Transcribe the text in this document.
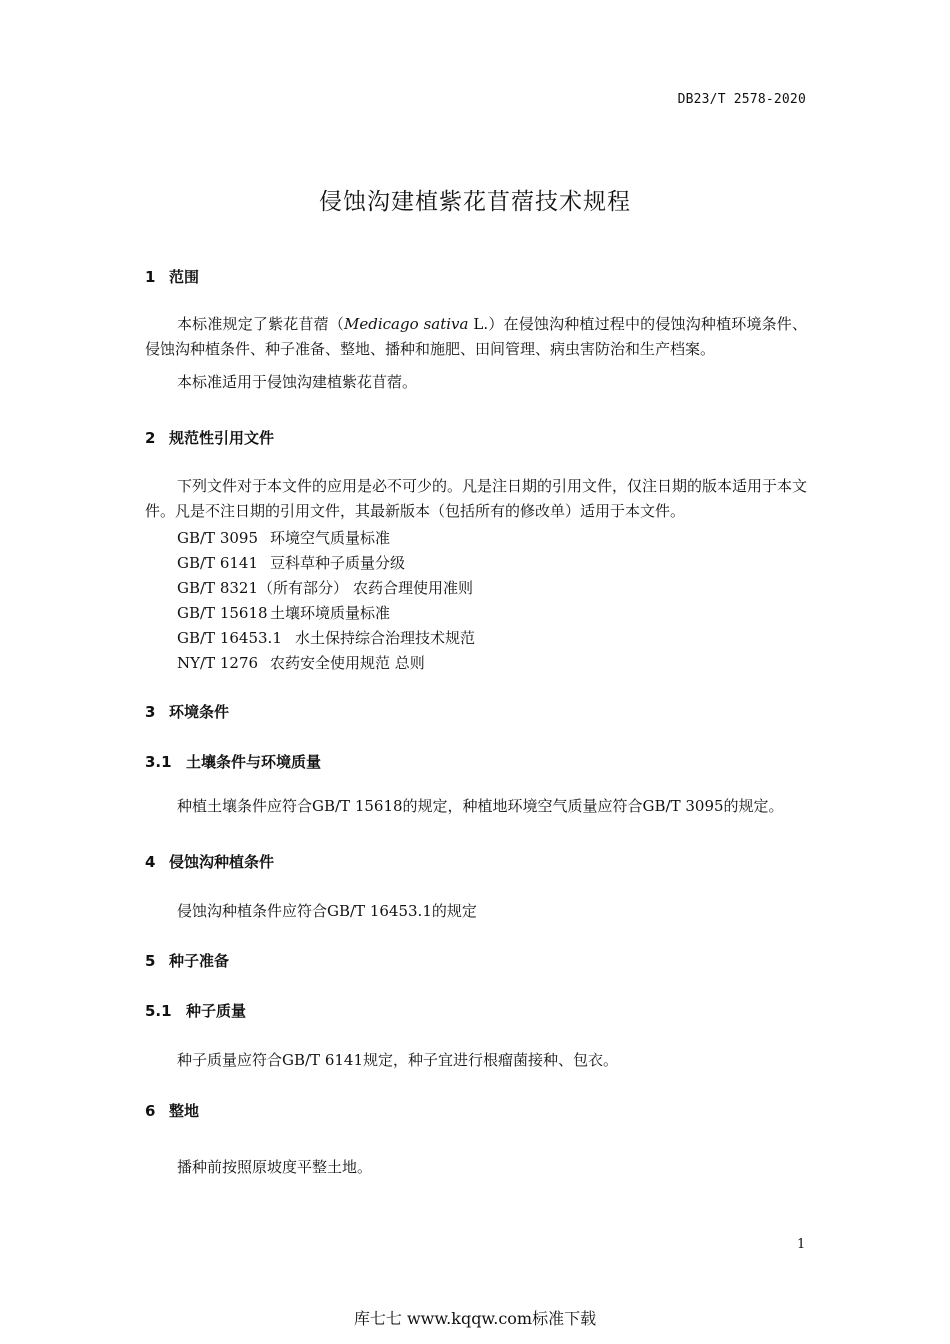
DB23/T 2578-2020
侵蚀沟建植紫花苜蓿技术规程
1 范围
本标准规定了紫花苜蓿（Medicago sativa L.）在侵蚀沟种植过程中的侵蚀沟种植环境条件、侵蚀沟种植条件、种子准备、整地、播种和施肥、田间管理、病虫害防治和生产档案。
本标准适用于侵蚀沟建植紫花苜蓿。
2 规范性引用文件
下列文件对于本文件的应用是必不可少的。凡是注日期的引用文件，仅注日期的版本适用于本文件。凡是不注日期的引用文件，其最新版本（包括所有的修改单）适用于本文件。
GB/T 3095 环境空气质量标准
GB/T 6141 豆科草种子质量分级
GB/T 8321（所有部分） 农药合理使用准则
GB/T 15618 土壤环境质量标准
GB/T 16453.1 水土保持综合治理技术规范
NY/T 1276 农药安全使用规范 总则
3 环境条件
3.1 土壤条件与环境质量
种植土壤条件应符合GB/T 15618的规定，种植地环境空气质量应符合GB/T 3095的规定。
4 侵蚀沟种植条件
侵蚀沟种植条件应符合GB/T 16453.1的规定
5 种子准备
5.1 种子质量
种子质量应符合GB/T 6141规定，种子宜进行根瘤菌接种、包衣。
6 整地
播种前按照原坡度平整土地。
1
库七七 www.kqqw.com标准下载
